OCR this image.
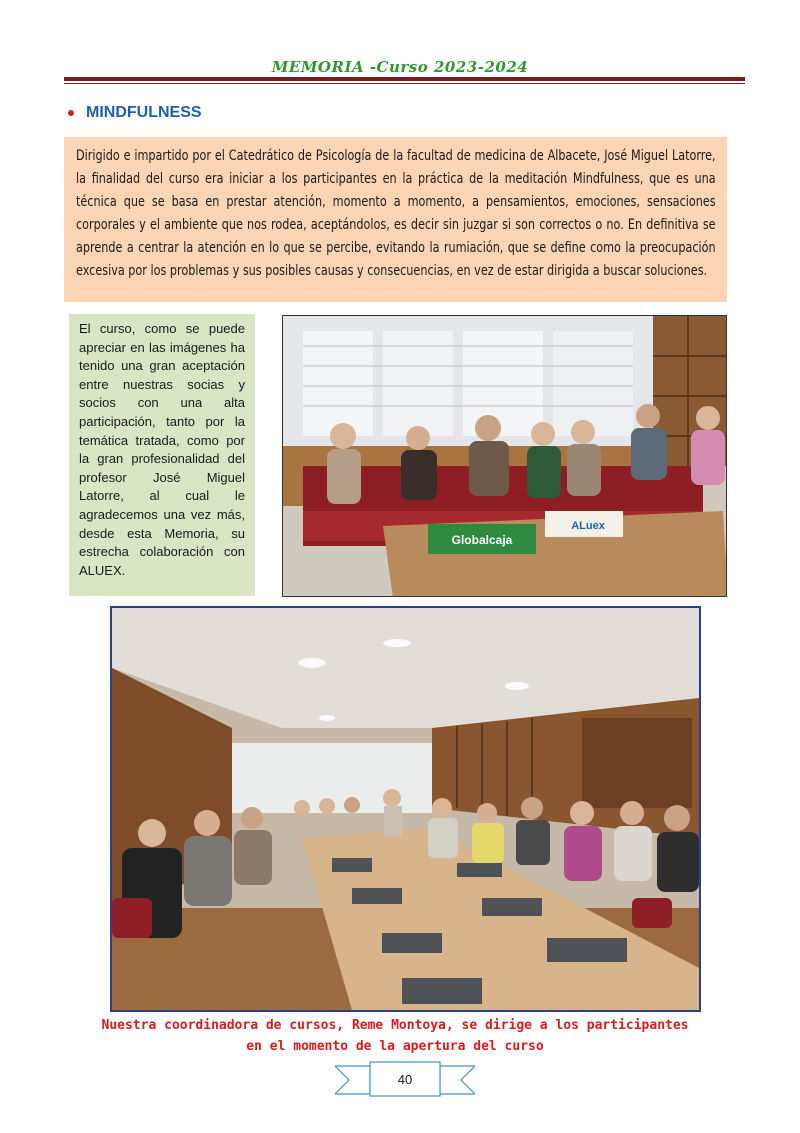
MEMORIA -Curso 2023-2024
MINDFULNESS

Dirigido e impartido por el Catedrático de Psicología de la facultad de medicina de Albacete, José Miguel Latorre, la finalidad del curso era iniciar a los participantes en la práctica de la meditación Mindfulness, que es una técnica que se basa en prestar atención, momento a momento, a pensamientos, emociones, sensaciones corporales y el ambiente que nos rodea, aceptándolos, es decir sin juzgar si son correctos o no. En definitiva se aprende a centrar la atención en lo que se percibe, evitando la rumiación, que se define como la preocupación excesiva por los problemas y sus posibles causas y consecuencias, en vez de estar dirigida a buscar soluciones.

El curso, como se puede apreciar en las imágenes ha tenido una gran aceptación entre nuestras socias y socios con una alta participación, tanto por la temática tratada, como por la gran profesionalidad del profesor José Miguel Latorre, al cual le agradecemos una vez más, desde esta Memoria, su estrecha colaboración con ALUEX.

Globalcaja
ALuex
Nuestra coordinadora de cursos, Reme Montoya, se dirige a los participantes
en el momento de la apertura del curso
40
